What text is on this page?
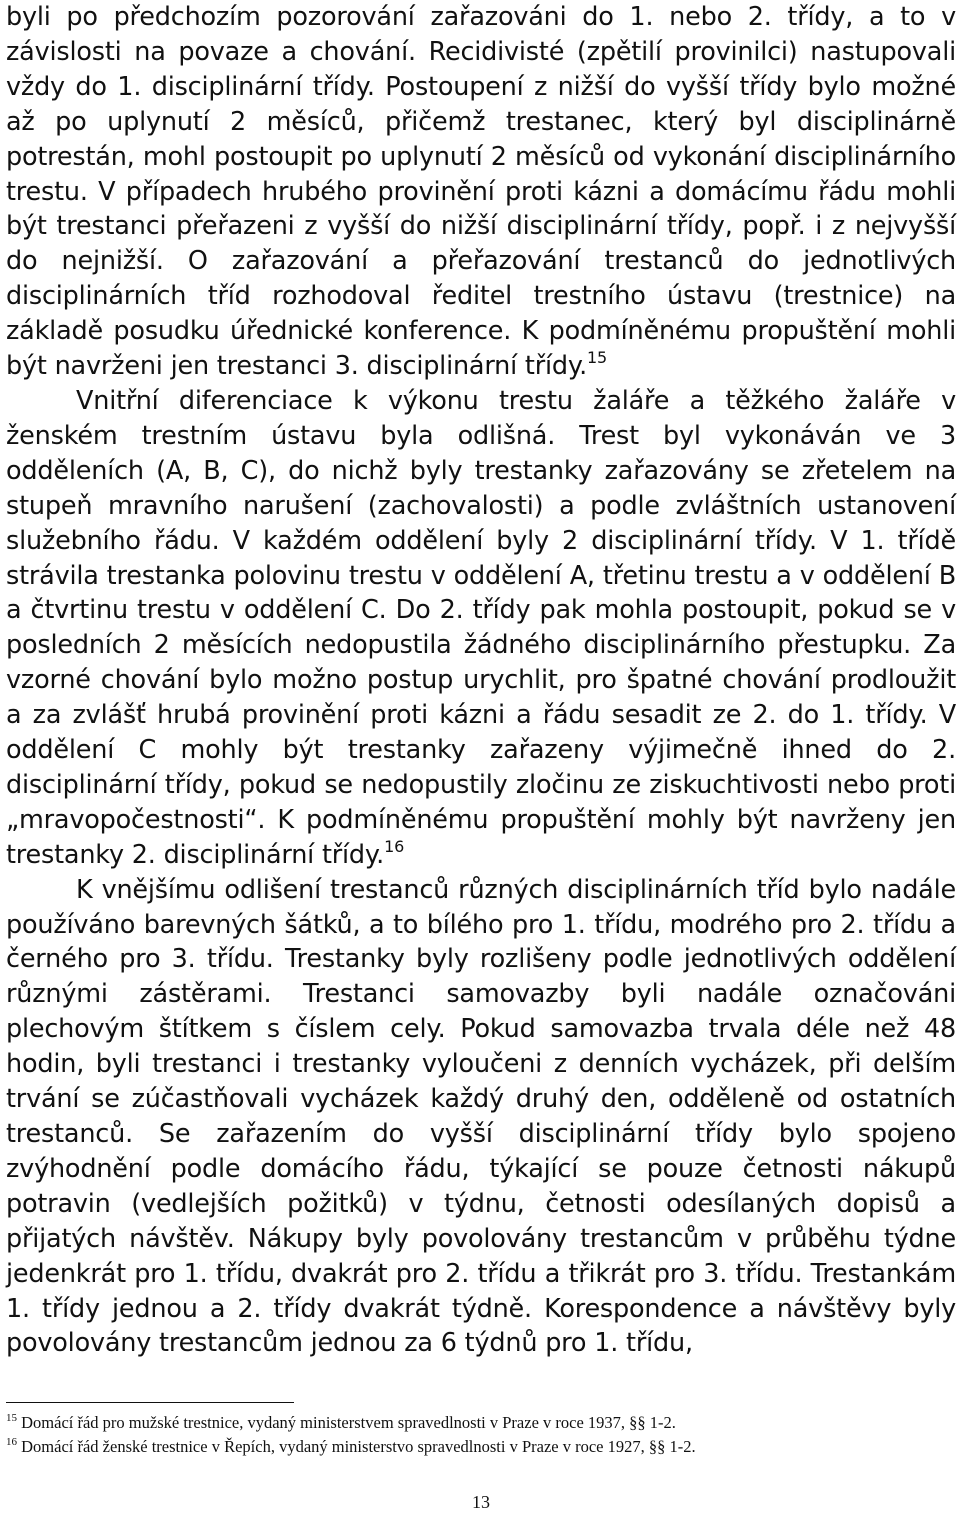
byli po předchozím pozorování zařazováni do 1. nebo 2. třídy, a to v závislosti na povaze a chování. Recidivisté (zpětilí provinilci) nastupovali vždy do 1. disciplinární třídy. Postoupení z nižší do vyšší třídy bylo možné až po uplynutí 2 měsíců, přičemž trestanec, který byl disciplinárně potrestán, mohl postoupit po uplynutí 2 měsíců od vykonání disciplinárního trestu. V případech hrubého provinění proti kázni a domácímu řádu mohli být trestanci přeřazeni z vyšší do nižší disciplinární třídy, popř. i z nejvyšší do nejnižší. O zařazování a přeřazování trestanců do jednotlivých disciplinárních tříd rozhodoval ředitel trestního ústavu (trestnice) na základě posudku úřednické konference. K podmíněnému propuštění mohli být navrženi jen trestanci 3. disciplinární třídy.$^{15}$

Vnitřní diferenciace k výkonu trestu žaláře a těžkého žaláře v ženském trestním ústavu byla odlišná. Trest byl vykonáván ve 3 odděleních (A, B, C), do nichž byly trestanky zařazovány se zřetelem na stupeň mravního narušení (zachovalosti) a podle zvláštních ustanovení služebního řádu. V každém oddělení byly 2 disciplinární třídy. V 1. třídě strávila trestanka polovinu trestu v oddělení A, třetinu trestu a v oddělení B a čtvrtinu trestu v oddělení C. Do 2. třídy pak mohla postoupit, pokud se v posledních 2 měsících nedopustila žádného disciplinárního přestupku. Za vzorné chování bylo možno postup urychlit, pro špatné chování prodloužit a za zvlášť hrubá provinění proti kázni a řádu sesadit ze 2. do 1. třídy. V oddělení C mohly být trestanky zařazeny výjimečně ihned do 2. disciplinární třídy, pokud se nedopustily zločinu ze ziskuchtivosti nebo proti „mravopočestnosti“. K podmíněnému propuštění mohly být navrženy jen trestanky 2. disciplinární třídy.$^{16}$

K vnějšímu odlišení trestanců různých disciplinárních tříd bylo nadále používáno barevných šátků, a to bílého pro 1. třídu, modrého pro 2. třídu a černého pro 3. třídu. Trestanky byly rozlišeny podle jednotlivých oddělení různými zástěrami. Trestanci samovazby byli nadále označováni plechovým štítkem s číslem cely. Pokud samovazba trvala déle než 48 hodin, byli trestanci i trestanky vyloučeni z denních vycházek, při delším trvání se zúčastňovali vycházek každý druhý den, odděleně od ostatních trestanců. Se zařazením do vyšší disciplinární třídy bylo spojeno zvýhodnění podle domácího řádu, týkající se pouze četnosti nákupů potravin (vedlejších požitků) v týdnu, četnosti odesílaných dopisů a přijatých návštěv. Nákupy byly povolovány trestancům v průběhu týdne jedenkrát pro 1. třídu, dvakrát pro 2. třídu a třikrát pro 3. třídu. Trestankám 1. třídy jednou a 2. třídy dvakrát týdně. Korespondence a návštěvy byly povolovány trestancům jednou za 6 týdnů pro 1. třídu,

$^{15}$ Domácí řád pro mužské trestnice, vydaný ministerstvem spravedlnosti v Praze v roce 1937, §§ 1-2.

$^{16}$ Domácí řád ženské trestnice v Řepích, vydaný ministerstvo spravedlnosti v Praze v roce 1927, §§ 1-2.

13
